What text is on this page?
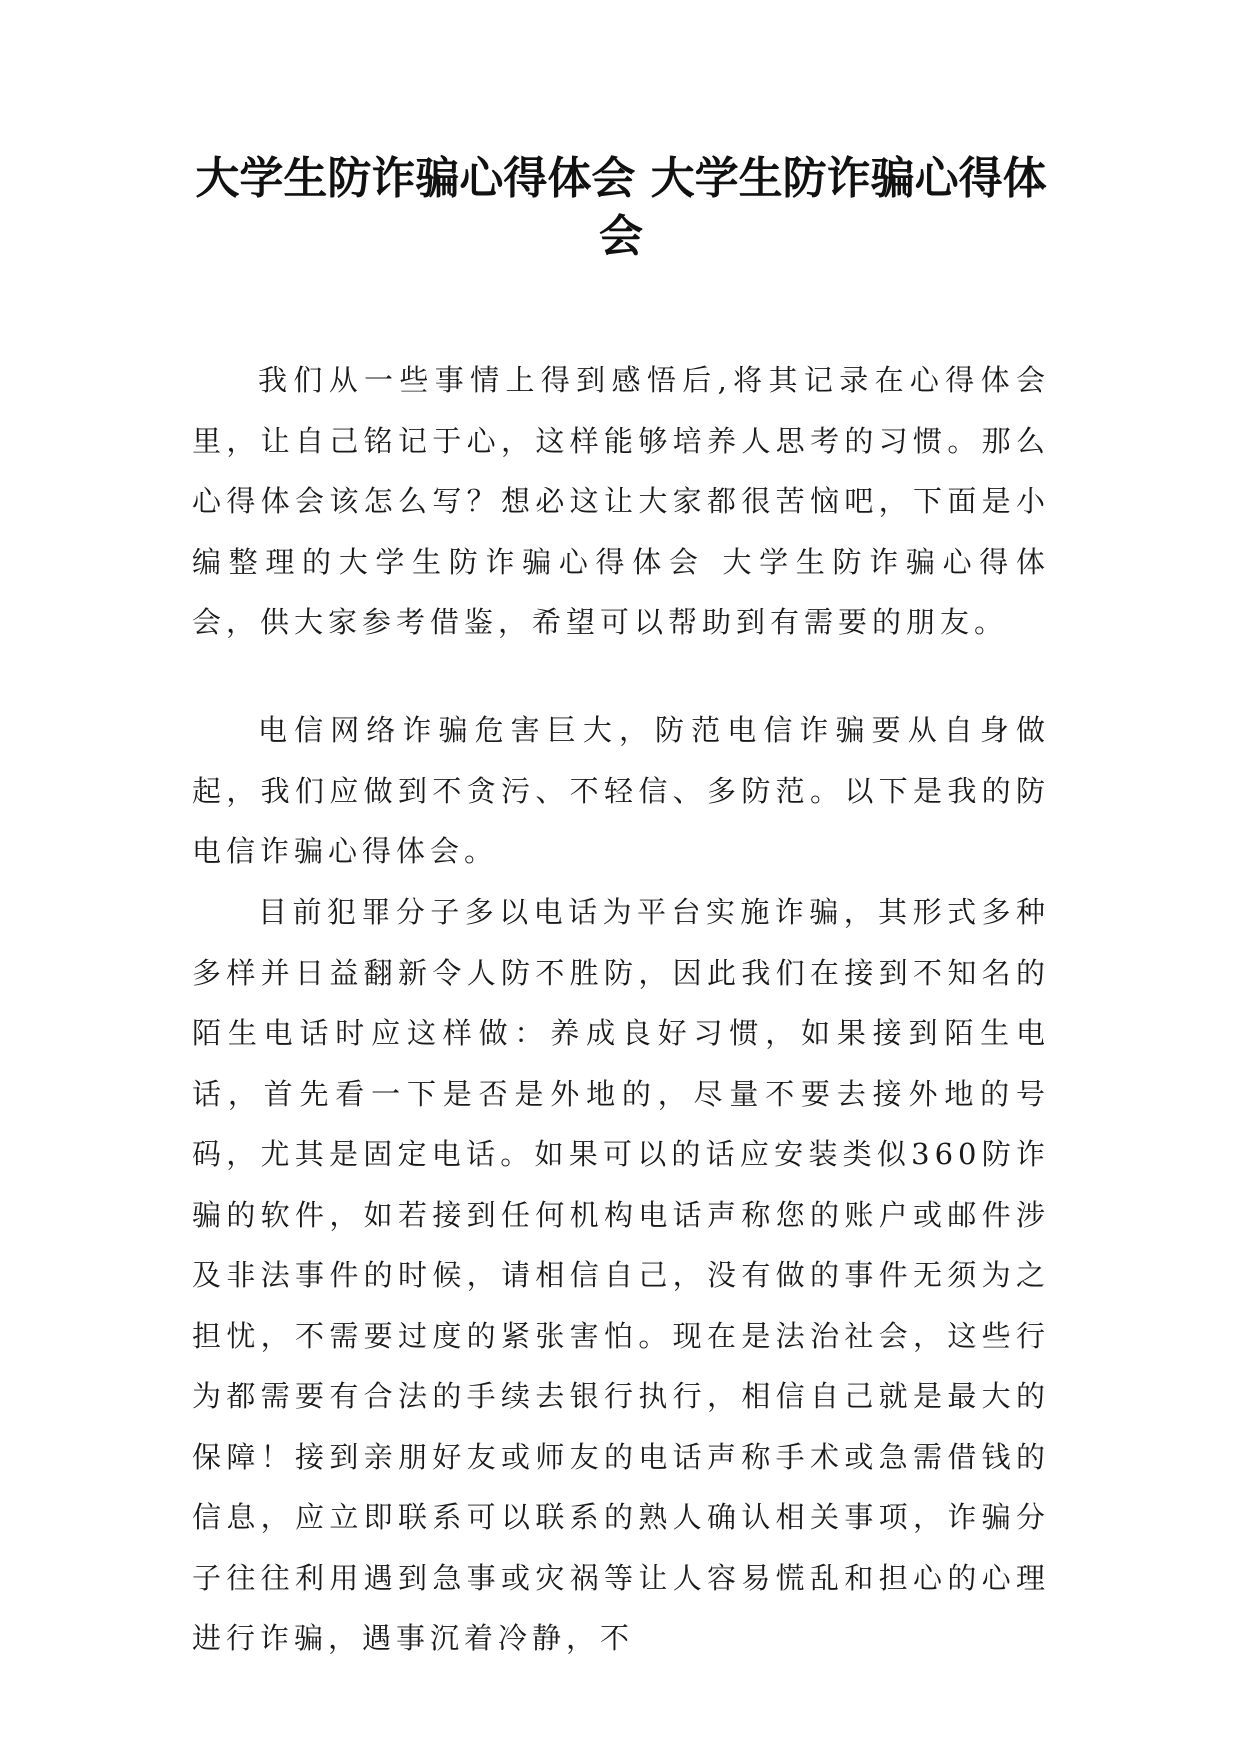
大学生防诈骗心得体会 大学生防诈骗心得体会

我们从一些事情上得到感悟后,将其记录在心得体会里，让自己铭记于心，这样能够培养人思考的习惯。那么心得体会该怎么写？想必这让大家都很苦恼吧，下面是小编整理的大学生防诈骗心得体会 大学生防诈骗心得体会，供大家参考借鉴，希望可以帮助到有需要的朋友。

电信网络诈骗危害巨大，防范电信诈骗要从自身做起，我们应做到不贪污、不轻信、多防范。以下是我的防电信诈骗心得体会。

目前犯罪分子多以电话为平台实施诈骗，其形式多种多样并日益翻新令人防不胜防，因此我们在接到不知名的陌生电话时应这样做：养成良好习惯，如果接到陌生电话，首先看一下是否是外地的，尽量不要去接外地的号码，尤其是固定电话。如果可以的话应安装类似360防诈骗的软件，如若接到任何机构电话声称您的账户或邮件涉及非法事件的时候，请相信自己，没有做的事件无须为之担忧，不需要过度的紧张害怕。现在是法治社会，这些行为都需要有合法的手续去银行执行，相信自己就是最大的保障！接到亲朋好友或师友的电话声称手术或急需借钱的信息，应立即联系可以联系的熟人确认相关事项，诈骗分子往往利用遇到急事或灾祸等让人容易慌乱和担心的心理进行诈骗，遇事沉着冷静，不
